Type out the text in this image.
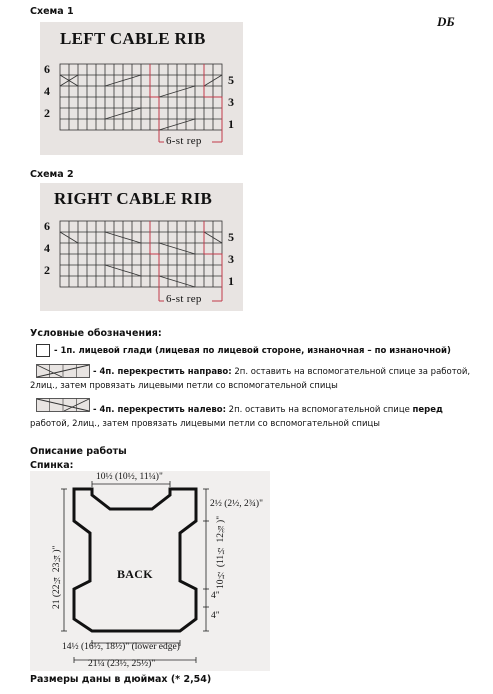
DБ
Схема 1
LEFT CABLE RIB
6
4
2
5
3
1
6-st rep
Схема 2
RIGHT CABLE RIB
6
4
2
5
3
1
6-st rep
Условные обозначения:
- 1п. лицевой глади (лицевая по лицевой стороне, изнаночная – по изнаночной)
- 4п. перекрестить направо: 2п. оставить на вспомогательной спице за работой,
2лиц., затем провязать лицевыми петли со вспомогательной спицы
- 4п. перекрестить налево: 2п. оставить на вспомогательной спице перед
работой, 2лиц., затем провязать лицевыми петли со вспомогательной спицы
Описание работы
Спинка:
10½ (10½, 11¼)"
2½ (2½, 2¾)"
10½ (11½ 12¾)"
21 (22¼ 23¼)"	BACK
4"
4"
14½ (16½, 18½)" (lower edge)
21¼ (23½, 25½)"
Размеры даны в дюймах (* 2,54)
